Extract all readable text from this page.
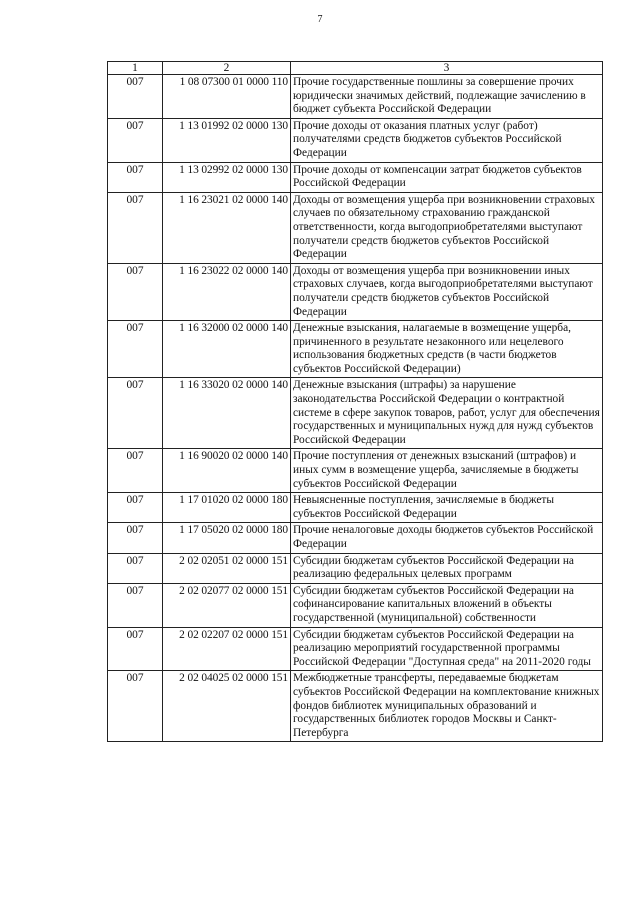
7
1	2	3
007	1 08 07300 01 0000 110	Прочие государственные пошлины за совершение прочих юридически значимых действий, подлежащие зачислению в бюджет субъекта Российской Федерации
007	1 13 01992 02 0000 130	Прочие доходы от оказания платных услуг (работ) получателями средств бюджетов субъектов Российской Федерации
007	1 13 02992 02 0000 130	Прочие доходы от компенсации затрат бюджетов субъектов Российской Федерации
007	1 16 23021 02 0000 140	Доходы от возмещения ущерба при возникновении страховых случаев по обязательному страхованию гражданской ответственности, когда выгодоприобретателями выступают получатели средств бюджетов субъектов Российской Федерации
007	1 16 23022 02 0000 140	Доходы от возмещения ущерба при возникновении иных страховых случаев, когда выгодоприобретателями выступают получатели средств бюджетов субъектов Российской Федерации
007	1 16 32000 02 0000 140	Денежные взыскания, налагаемые в возмещение ущерба, причиненного в результате незаконного или нецелевого использования бюджетных средств (в части бюджетов субъектов Российской Федерации)
007	1 16 33020 02 0000 140	Денежные взыскания (штрафы) за нарушение законодательства Российской Федерации о контрактной системе в сфере закупок товаров, работ, услуг для обеспечения государственных и муниципальных нужд для нужд субъектов Российской Федерации
007	1 16 90020 02 0000 140	Прочие поступления от денежных взысканий (штрафов) и иных сумм в возмещение ущерба, зачисляемые в бюджеты субъектов Российской Федерации
007	1 17 01020 02 0000 180	Невыясненные поступления, зачисляемые в бюджеты субъектов Российской Федерации
007	1 17 05020 02 0000 180	Прочие неналоговые доходы бюджетов субъектов Российской Федерации
007	2 02 02051 02 0000 151	Субсидии бюджетам субъектов Российской Федерации на реализацию федеральных целевых программ
007	2 02 02077 02 0000 151	Субсидии бюджетам субъектов Российской Федерации на софинансирование капитальных вложений в объекты государственной (муниципальной) собственности
007	2 02 02207 02 0000 151	Субсидии бюджетам субъектов Российской Федерации на реализацию мероприятий государственной программы Российской Федерации "Доступная среда" на 2011-2020 годы
007	2 02 04025 02 0000 151	Межбюджетные трансферты, передаваемые бюджетам субъектов Российской Федерации на комплектование книжных фондов библиотек муниципальных образований и государственных библиотек городов Москвы и Санкт-Петербурга
